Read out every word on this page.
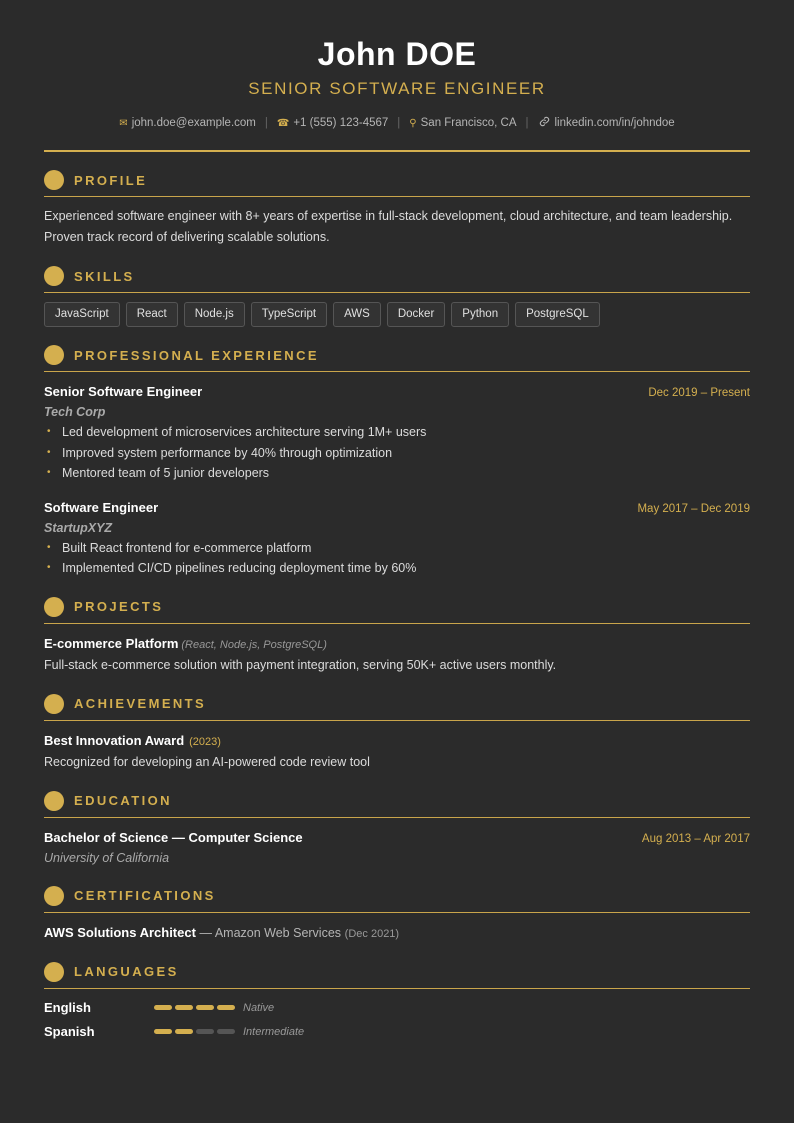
John DOE
SENIOR SOFTWARE ENGINEER
✉ john.doe@example.com | ☎ +1 (555) 123-4567 | ⚲ San Francisco, CA | linkedin.com/in/johndoe
PROFILE
Experienced software engineer with 8+ years of expertise in full-stack development, cloud architecture, and team leadership. Proven track record of delivering scalable solutions.
SKILLS
JavaScript	React	Node.js	TypeScript	AWS	Docker	Python	PostgreSQL
PROFESSIONAL EXPERIENCE
Senior Software Engineer	Dec 2019 – Present
Tech Corp
• Led development of microservices architecture serving 1M+ users
• Improved system performance by 40% through optimization
• Mentored team of 5 junior developers
Software Engineer	May 2017 – Dec 2019
StartupXYZ
• Built React frontend for e-commerce platform
• Implemented CI/CD pipelines reducing deployment time by 60%
PROJECTS
E-commerce Platform (React, Node.js, PostgreSQL)
Full-stack e-commerce solution with payment integration, serving 50K+ active users monthly.
ACHIEVEMENTS
Best Innovation Award (2023)
Recognized for developing an AI-powered code review tool
EDUCATION
Bachelor of Science — Computer Science	Aug 2013 – Apr 2017
University of California
CERTIFICATIONS
AWS Solutions Architect — Amazon Web Services (Dec 2021)
LANGUAGES
English	Native
Spanish	Intermediate
